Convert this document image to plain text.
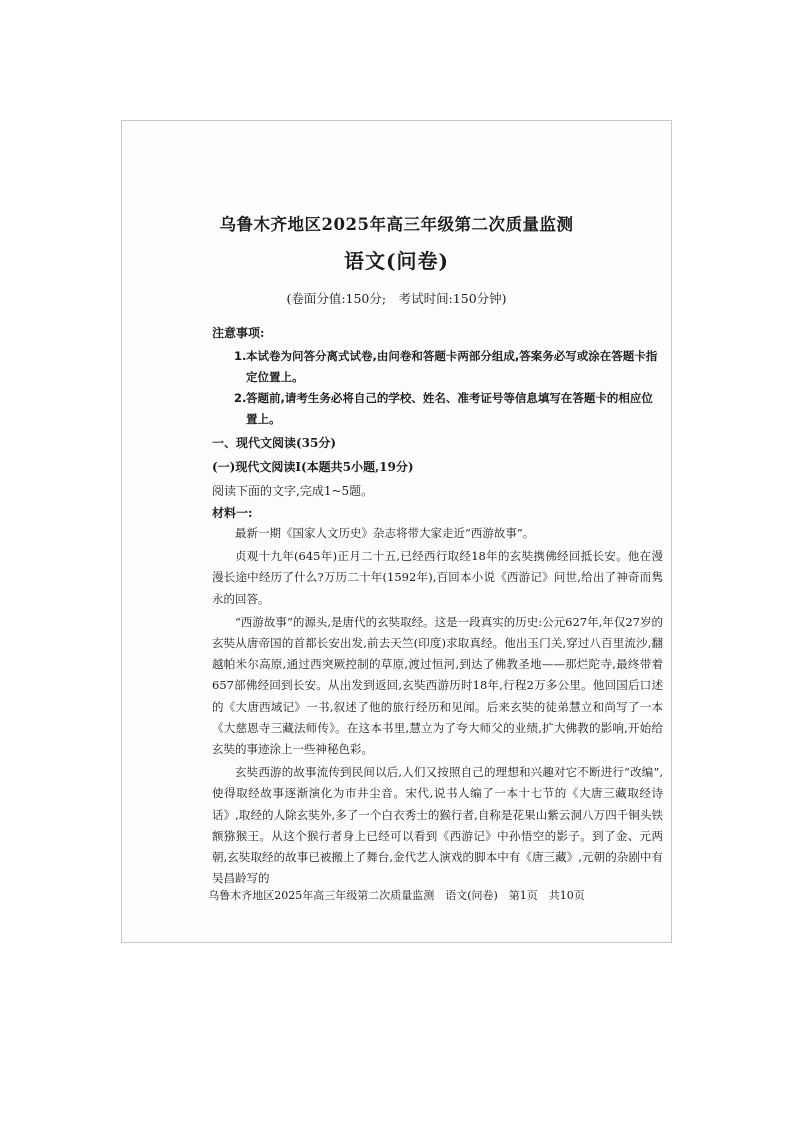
乌鲁木齐地区2025年高三年级第二次质量监测
语文(问卷)
(卷面分值:150分;　考试时间:150分钟)
注意事项:
1. 本试卷为问答分离式试卷,由问卷和答题卡两部分组成,答案务必写或涂在答题卡指定位置上。
2. 答题前,请考生务必将自己的学校、姓名、准考证号等信息填写在答题卡的相应位置上。
一、现代文阅读(35分)
(一)现代文阅读I(本题共5小题,19分)
阅读下面的文字,完成1~5题。
材料一:

最新一期《国家人文历史》杂志将带大家走近“西游故事”。

贞观十九年(645年)正月二十五,已经西行取经18年的玄奘携佛经回抵长安。他在漫漫长途中经历了什么?万历二十年(1592年),百回本小说《西游记》问世,给出了神奇而隽永的回答。

“西游故事”的源头,是唐代的玄奘取经。这是一段真实的历史:公元627年,年仅27岁的玄奘从唐帝国的首都长安出发,前去天竺(印度)求取真经。他出玉门关,穿过八百里流沙,翻越帕米尔高原,通过西突厥控制的草原,渡过恒河,到达了佛教圣地——那烂陀寺,最终带着657部佛经回到长安。从出发到返回,玄奘西游历时18年,行程2万多公里。他回国后口述的《大唐西域记》一书,叙述了他的旅行经历和见闻。后来玄奘的徒弟慧立和尚写了一本《大慈恩寺三藏法师传》。在这本书里,慧立为了夸大师父的业绩,扩大佛教的影响,开始给玄奘的事迹涂上一些神秘色彩。

玄奘西游的故事流传到民间以后,人们又按照自己的理想和兴趣对它不断进行“改编”,使得取经故事逐渐演化为市井尘音。宋代,说书人编了一本十七节的《大唐三藏取经诗话》,取经的人除玄奘外,多了一个白衣秀士的猴行者,自称是花果山紫云洞八万四千铜头铁额猕猴王。从这个猴行者身上已经可以看到《西游记》中孙悟空的影子。到了金、元两朝,玄奘取经的故事已被搬上了舞台,金代艺人演戏的脚本中有《唐三藏》,元朝的杂剧中有吴昌龄写的

乌鲁木齐地区2025年高三年级第二次质量监测　语文(问卷)　第1页　共10页
